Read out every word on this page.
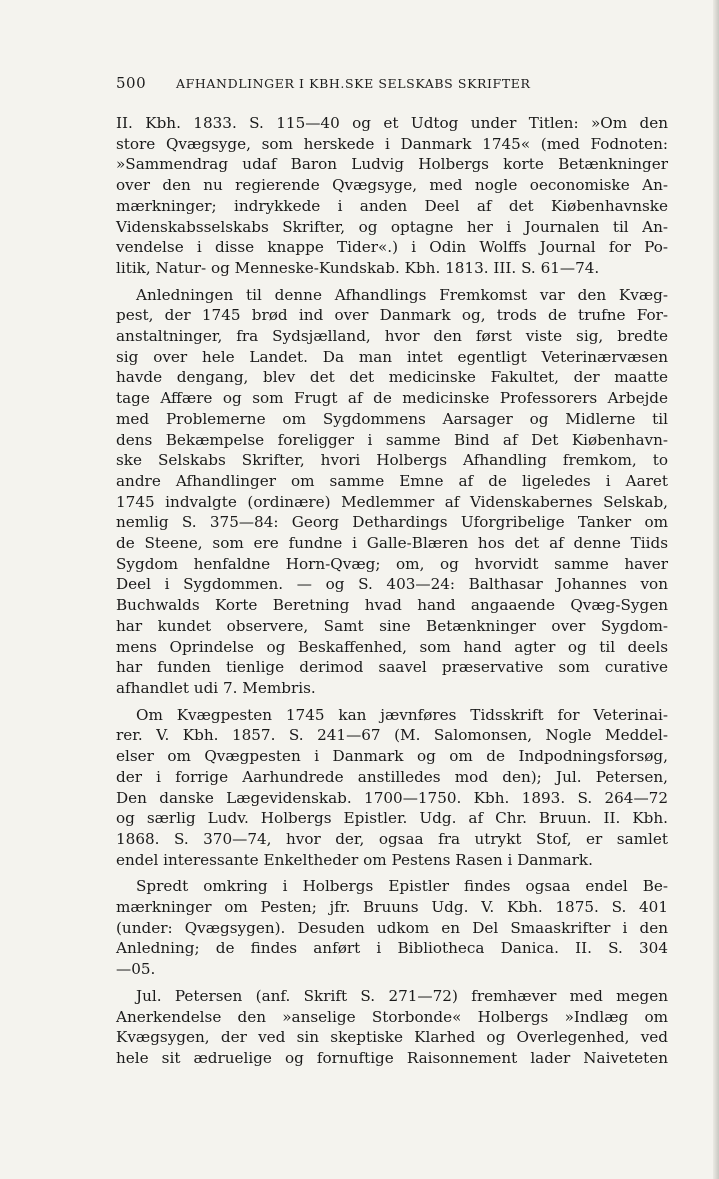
500 AFHANDLINGER I KBH.SKE SELSKABS SKRIFTER
II. Kbh. 1833. S. 115—40 og et Udtog under Titlen: »Om den
store Qvægsyge, som herskede i Danmark 1745« (med Fodnoten:
»Sammendrag udaf Baron Ludvig Holbergs korte Betænkninger
over den nu regierende Qvægsyge, med nogle oeconomiske An-
mærkninger; indrykkede i anden Deel af det Kiøbenhavnske
Videnskabsselskabs Skrifter, og optagne her i Journalen til An-
vendelse i disse knappe Tider«.) i Odin Wolffs Journal for Po-
litik, Natur- og Menneske-Kundskab. Kbh. 1813. III. S. 61—74.
Anledningen til denne Afhandlings Fremkomst var den Kvæg-
pest, der 1745 brød ind over Danmark og, trods de trufne For-
anstaltninger, fra Sydsjælland, hvor den først viste sig, bredte
sig over hele Landet. Da man intet egentligt Veterinærvæsen
havde dengang, blev det det medicinske Fakultet, der maatte
tage Affære og som Frugt af de medicinske Professorers Arbejde
med Problemerne om Sygdommens Aarsager og Midlerne til
dens Bekæmpelse foreligger i samme Bind af Det Kiøbenhavn-
ske Selskabs Skrifter, hvori Holbergs Afhandling fremkom, to
andre Afhandlinger om samme Emne af de ligeledes i Aaret
1745 indvalgte (ordinære) Medlemmer af Videnskabernes Selskab,
nemlig S. 375—84: Georg Dethardings Uforgribelige Tanker om
de Steene, som ere fundne i Galle-Blæren hos det af denne Tiids
Sygdom henfaldne Horn-Qvæg; om, og hvorvidt samme haver
Deel i Sygdommen. — og S. 403—24: Balthasar Johannes von
Buchwalds Korte Beretning hvad hand angaaende Qvæg-Sygen
har kundet observere, Samt sine Betænkninger over Sygdom-
mens Oprindelse og Beskaffenhed, som hand agter og til deels
har funden tienlige derimod saavel præservative som curative
afhandlet udi 7. Membris.
Om Kvægpesten 1745 kan jævnføres Tidsskrift for Veterinai-
rer. V. Kbh. 1857. S. 241—67 (M. Salomonsen, Nogle Meddel-
elser om Qvægpesten i Danmark og om de Indpodningsforsøg,
der i forrige Aarhundrede anstilledes mod den); Jul. Petersen,
Den danske Lægevidenskab. 1700—1750. Kbh. 1893. S. 264—72
og særlig Ludv. Holbergs Epistler. Udg. af Chr. Bruun. II. Kbh.
1868. S. 370—74, hvor der, ogsaa fra utrykt Stof, er samlet
endel interessante Enkeltheder om Pestens Rasen i Danmark.
Spredt omkring i Holbergs Epistler findes ogsaa endel Be-
mærkninger om Pesten; jfr. Bruuns Udg. V. Kbh. 1875. S. 401
(under: Qvægsygen). Desuden udkom en Del Smaaskrifter i den
Anledning; de findes anført i Bibliotheca Danica. II. S. 304
—05.
Jul. Petersen (anf. Skrift S. 271—72) fremhæver med megen
Anerkendelse den »anselige Storbonde« Holbergs »Indlæg om
Kvægsygen, der ved sin skeptiske Klarhed og Overlegenhed, ved
hele sit ædruelige og fornuftige Raisonnement lader Naiveteten
